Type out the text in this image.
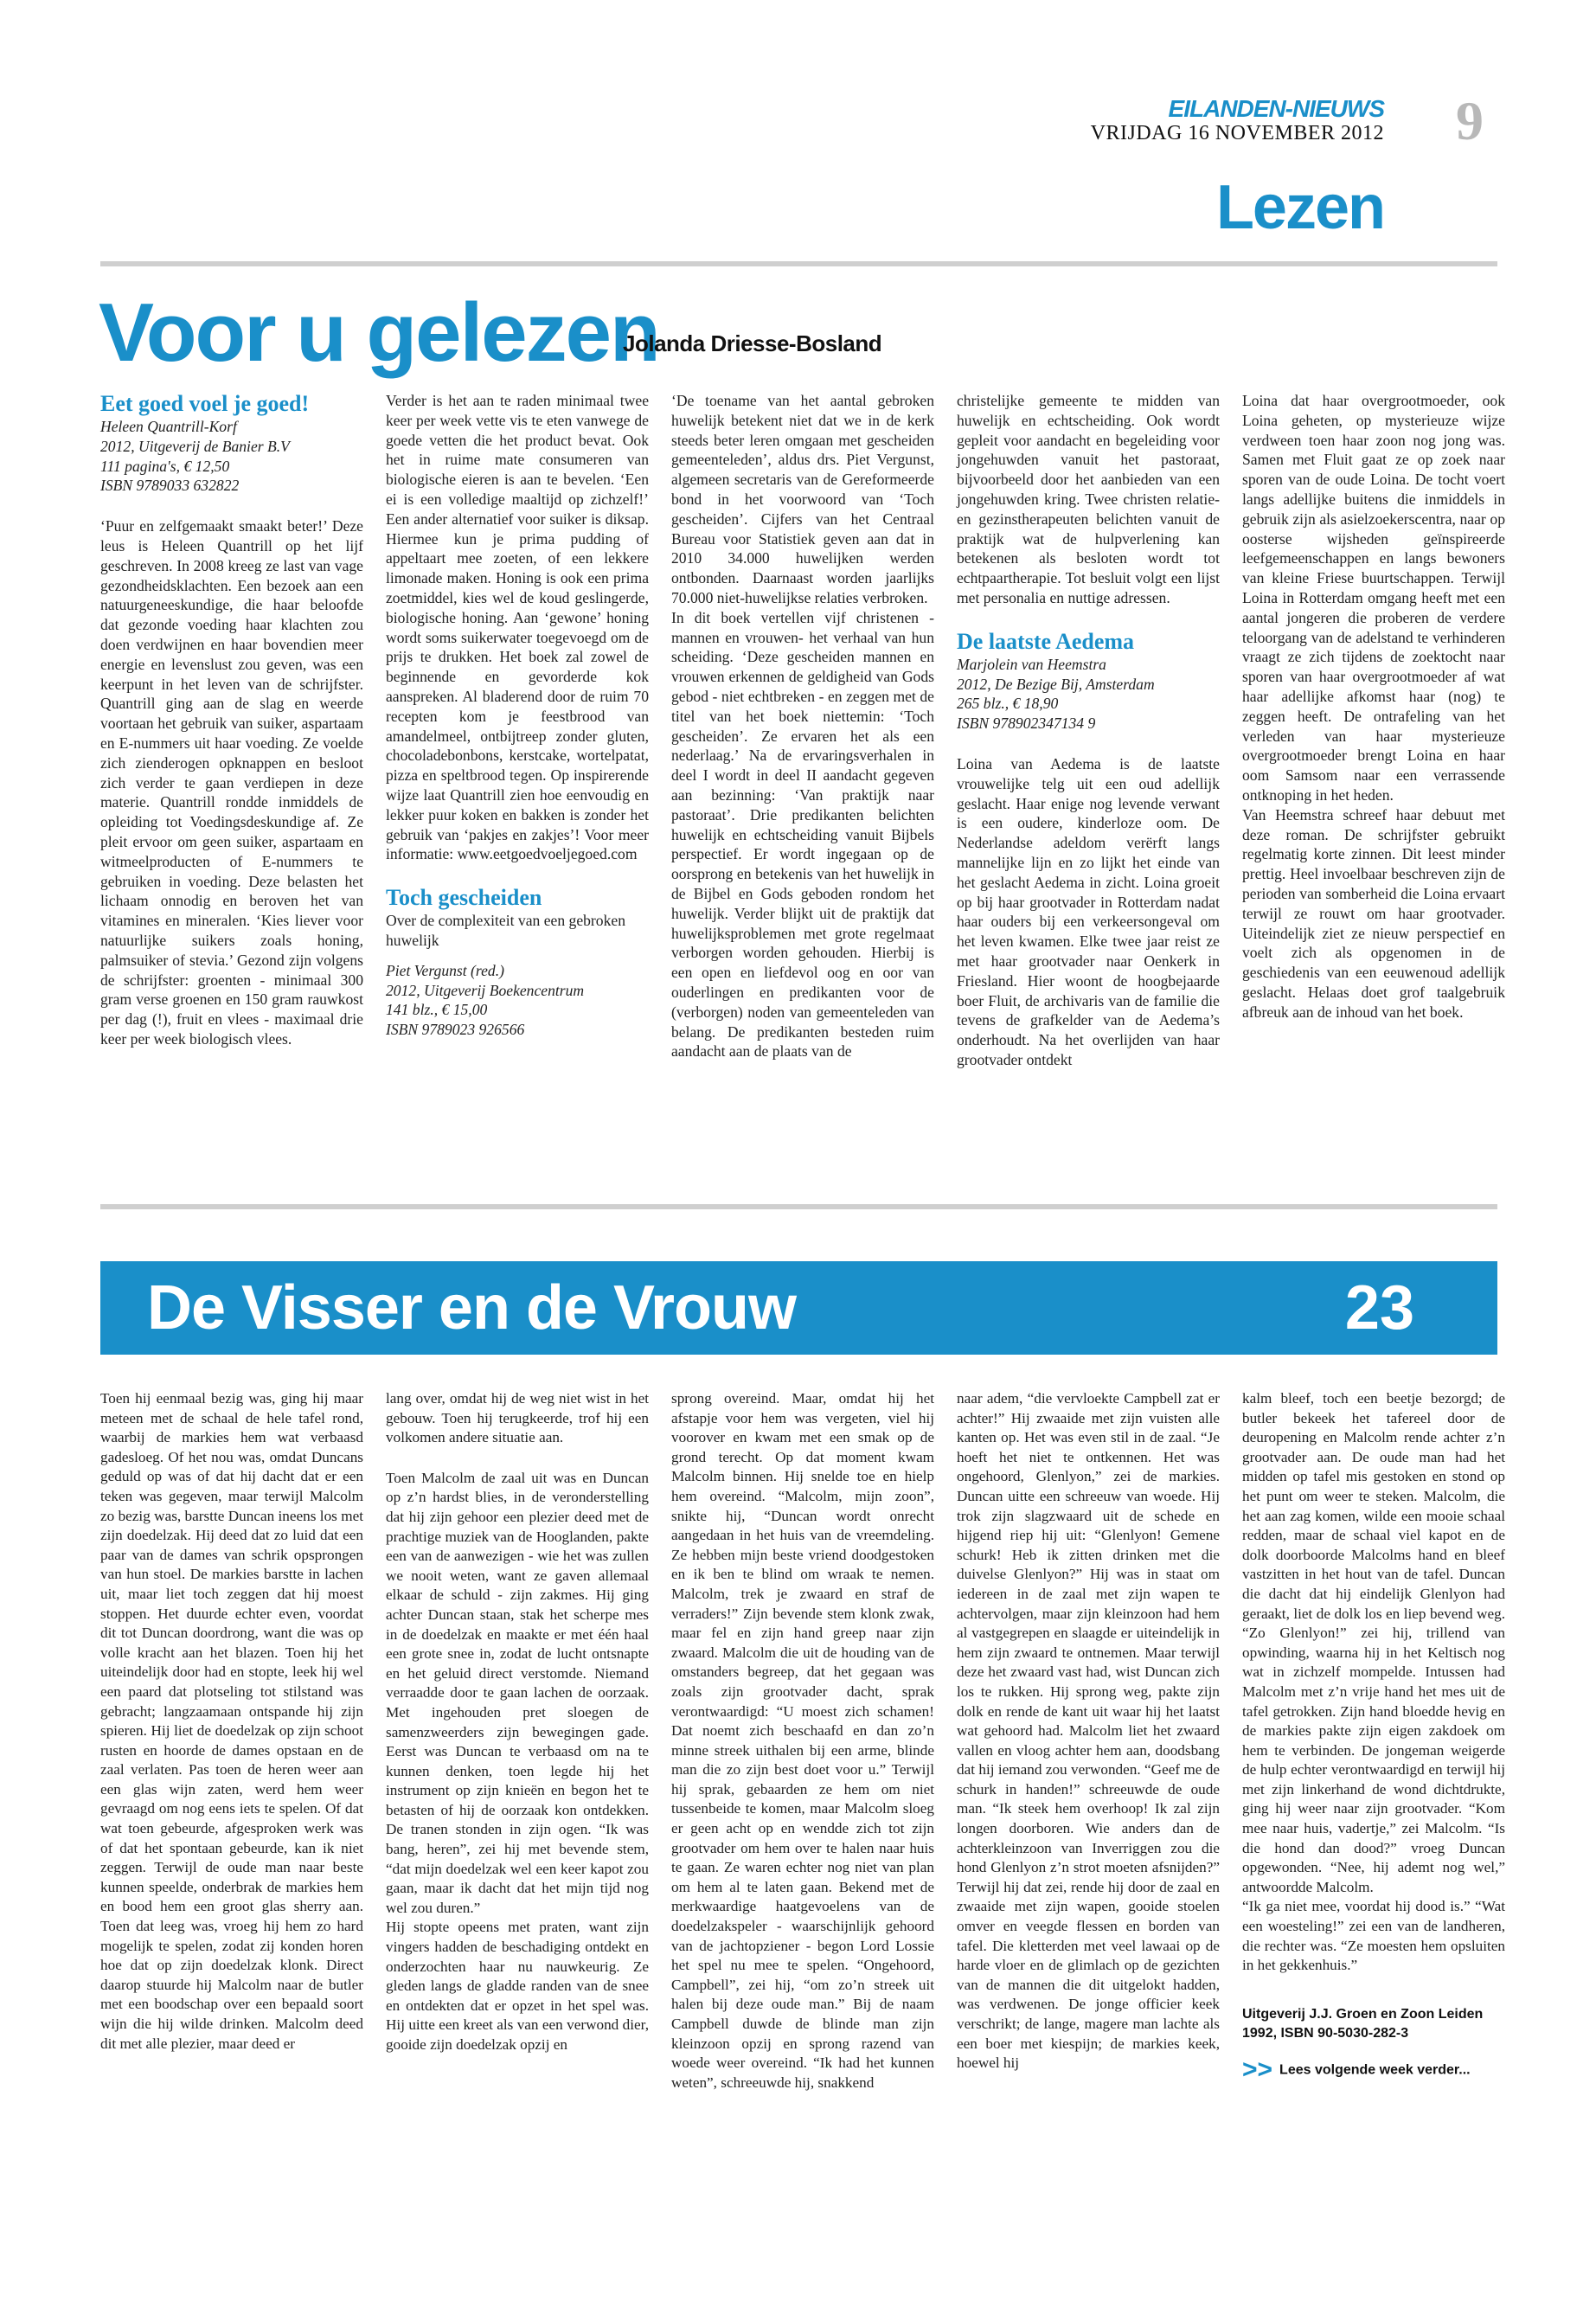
EILANDEN-NIEUWS
VRIJDAG 16 NOVEMBER 2012 9
Lezen
Voor u gelezen
Jolanda Driesse-Bosland

Eet goed voel je goed!

Heleen Quantrill-Korf

2012, Uitgeverij de Banier B.V

111 pagina's, € 12,50

ISBN 9789033 632822

‘Puur en zelfgemaakt smaakt beter!’ Deze leus is Heleen Quantrill op het lijf geschreven. In 2008 kreeg ze last van vage gezondheidsklachten. Een bezoek aan een natuurgeneeskundige, die haar beloofde dat gezonde voeding haar klachten zou doen verdwijnen en haar bovendien meer energie en levenslust zou geven, was een keerpunt in het leven van de schrijfster. Quantrill ging aan de slag en weerde voortaan het gebruik van suiker, aspartaam en E-nummers uit haar voeding. Ze voelde zich zienderogen opknappen en besloot zich verder te gaan verdiepen in deze materie. Quantrill rondde inmiddels de opleiding tot Voedingsdeskundige af. Ze pleit ervoor om geen suiker, aspartaam en witmeelproducten of E-nummers te gebruiken in voeding. Deze belasten het lichaam onnodig en beroven het van vitamines en mineralen. ‘Kies liever voor natuurlijke suikers zoals honing, palmsuiker of stevia.’ Gezond zijn volgens de schrijfster: groenten - minimaal 300 gram verse groenen en 150 gram rauwkost per dag (!), fruit en vlees - maximaal drie keer per week biologisch vlees.

Verder is het aan te raden minimaal twee keer per week vette vis te eten vanwege de goede vetten die het product bevat. Ook het in ruime mate consumeren van biologische eieren is aan te bevelen. ‘Een ei is een volledige maaltijd op zichzelf!’ Een ander alternatief voor suiker is diksap. Hiermee kun je prima pudding of appeltaart mee zoeten, of een lekkere limonade maken. Honing is ook een prima zoetmiddel, kies wel de koud geslingerde, biologische honing. Aan ‘gewone’ honing wordt soms suikerwater toegevoegd om de prijs te drukken. Het boek zal zowel de beginnende en gevorderde kok aanspreken. Al bladerend door de ruim 70 recepten kom je feestbrood van amandelmeel, ontbijtreep zonder gluten, chocoladebonbons, kerstcake, wortelpatat, pizza en speltbrood tegen. Op inspirerende wijze laat Quantrill zien hoe eenvoudig en lekker puur koken en bakken is zonder het gebruik van ‘pakjes en zakjes’! Voor meer informatie: www.eetgoedvoeljegoed.com

Toch gescheiden

Over de complexiteit van een gebroken huwelijk

Piet Vergunst (red.)

2012, Uitgeverij Boekencentrum

141 blz., € 15,00

ISBN 9789023 926566

‘De toename van het aantal gebroken huwelijk betekent niet dat we in de kerk steeds beter leren omgaan met gescheiden gemeenteleden’, aldus drs. Piet Vergunst, algemeen secretaris van de Gereformeerde bond in het voorwoord van ‘Toch gescheiden’. Cijfers van het Centraal Bureau voor Statistiek geven aan dat in 2010 34.000 huwelijken werden ontbonden. Daarnaast worden jaarlijks 70.000 niet-huwelijkse relaties verbroken.

In dit boek vertellen vijf christenen - mannen en vrouwen- het verhaal van hun scheiding. ‘Deze gescheiden mannen en vrouwen erkennen de geldigheid van Gods gebod - niet echtbreken - en zeggen met de titel van het boek niettemin: ‘Toch gescheiden’. Ze ervaren het als een nederlaag.’ Na de ervaringsverhalen in deel I wordt in deel II aandacht gegeven aan bezinning: ‘Van praktijk naar pastoraat’. Drie predikanten belichten huwelijk en echtscheiding vanuit Bijbels perspectief. Er wordt ingegaan op de oorsprong en betekenis van het huwelijk in de Bijbel en Gods geboden rondom het huwelijk. Verder blijkt uit de praktijk dat huwelijksproblemen met grote regelmaat verborgen worden gehouden. Hierbij is een open en liefdevol oog en oor van ouderlingen en predikanten voor de (verborgen) noden van gemeenteleden van belang. De predikanten besteden ruim aandacht aan de plaats van de

christelijke gemeente te midden van huwelijk en echtscheiding. Ook wordt gepleit voor aandacht en begeleiding voor jongehuwden vanuit het pastoraat, bijvoorbeeld door het aanbieden van een jongehuwden kring. Twee christen relatie- en gezinstherapeuten belichten vanuit de praktijk wat de hulpverlening kan betekenen als besloten wordt tot echtpaartherapie. Tot besluit volgt een lijst met personalia en nuttige adressen.

De laatste Aedema

Marjolein van Heemstra

2012, De Bezige Bij, Amsterdam

265 blz., € 18,90

ISBN 978902347134 9

Loina van Aedema is de laatste vrouwelijke telg uit een oud adellijk geslacht. Haar enige nog levende verwant is een oudere, kinderloze oom. De Nederlandse adeldom verërft langs mannelijke lijn en zo lijkt het einde van het geslacht Aedema in zicht. Loina groeit op bij haar grootvader in Rotterdam nadat haar ouders bij een verkeersongeval om het leven kwamen. Elke twee jaar reist ze met haar grootvader naar Oenkerk in Friesland. Hier woont de hoogbejaarde boer Fluit, de archivaris van de familie die tevens de grafkelder van de Aedema’s onderhoudt. Na het overlijden van haar grootvader ontdekt

Loina dat haar overgrootmoeder, ook Loina geheten, op mysterieuze wijze verdween toen haar zoon nog jong was. Samen met Fluit gaat ze op zoek naar sporen van de oude Loina. De tocht voert langs adellijke buitens die inmiddels in gebruik zijn als asielzoekerscentra, naar op oosterse wijsheden geïnspireerde leefgemeenschappen en langs bewoners van kleine Friese buurtschappen. Terwijl Loina in Rotterdam omgang heeft met een aantal jongeren die proberen de verdere teloorgang van de adelstand te verhinderen vraagt ze zich tijdens de zoektocht naar sporen van haar overgrootmoeder af wat haar adellijke afkomst haar (nog) te zeggen heeft. De ontrafeling van het verleden van haar mysterieuze overgrootmoeder brengt Loina en haar oom Samsom naar een verrassende ontknoping in het heden.

Van Heemstra schreef haar debuut met deze roman. De schrijfster gebruikt regelmatig korte zinnen. Dit leest minder prettig. Heel invoelbaar beschreven zijn de perioden van somberheid die Loina ervaart terwijl ze rouwt om haar grootvader. Uiteindelijk ziet ze nieuw perspectief en voelt zich als opgenomen in de geschiedenis van een eeuwenoud adellijk geslacht. Helaas doet grof taalgebruik afbreuk aan de inhoud van het boek.

De Visser en de Vrouw	23

Toen hij eenmaal bezig was, ging hij maar meteen met de schaal de hele tafel rond, waarbij de markies hem wat verbaasd gadesloeg. Of het nou was, omdat Duncans geduld op was of dat hij dacht dat er een teken was gegeven, maar terwijl Malcolm zo bezig was, barstte Duncan ineens los met zijn doedelzak. Hij deed dat zo luid dat een paar van de dames van schrik opsprongen van hun stoel. De markies barstte in lachen uit, maar liet toch zeggen dat hij moest stoppen. Het duurde echter even, voordat dit tot Duncan doordrong, want die was op volle kracht aan het blazen. Toen hij het uiteindelijk door had en stopte, leek hij wel een paard dat plotseling tot stilstand was gebracht; langzaamaan ontspande hij zijn spieren. Hij liet de doedelzak op zijn schoot rusten en hoorde de dames opstaan en de zaal verlaten. Pas toen de heren weer aan een glas wijn zaten, werd hem weer gevraagd om nog eens iets te spelen. Of dat wat toen gebeurde, afgesproken werk was of dat het spontaan gebeurde, kan ik niet zeggen. Terwijl de oude man naar beste kunnen speelde, onderbrak de markies hem en bood hem een groot glas sherry aan. Toen dat leeg was, vroeg hij hem zo hard mogelijk te spelen, zodat zij konden horen hoe dat op zijn doedelzak klonk. Direct daarop stuurde hij Malcolm naar de butler met een boodschap over een bepaald soort wijn die hij wilde drinken. Malcolm deed dit met alle plezier, maar deed er

lang over, omdat hij de weg niet wist in het gebouw. Toen hij terugkeerde, trof hij een volkomen andere situatie aan.

Toen Malcolm de zaal uit was en Duncan op z’n hardst blies, in de veronderstelling dat hij zijn gehoor een plezier deed met de prachtige muziek van de Hooglanden, pakte een van de aanwezigen - wie het was zullen we nooit weten, want ze gaven allemaal elkaar de schuld - zijn zakmes. Hij ging achter Duncan staan, stak het scherpe mes in de doedelzak en maakte er met één haal een grote snee in, zodat de lucht ontsnapte en het geluid direct verstomde. Niemand verraadde door te gaan lachen de oorzaak. Met ingehouden pret sloegen de samenzweerders zijn bewegingen gade. Eerst was Duncan te verbaasd om na te kunnen denken, toen legde hij het instrument op zijn knieën en begon het te betasten of hij de oorzaak kon ontdekken. De tranen stonden in zijn ogen. “Ik was bang, heren”, zei hij met bevende stem, “dat mijn doedelzak wel een keer kapot zou gaan, maar ik dacht dat het mijn tijd nog wel zou duren.”

Hij stopte opeens met praten, want zijn vingers hadden de beschadiging ontdekt en onderzochten haar nu nauwkeurig. Ze gleden langs de gladde randen van de snee en ontdekten dat er opzet in het spel was. Hij uitte een kreet als van een verwond dier, gooide zijn doedelzak opzij en

sprong overeind. Maar, omdat hij het afstapje voor hem was vergeten, viel hij voorover en kwam met een smak op de grond terecht. Op dat moment kwam Malcolm binnen. Hij snelde toe en hielp hem overeind. “Malcolm, mijn zoon”, snikte hij, “Duncan wordt onrecht aangedaan in het huis van de vreemdeling. Ze hebben mijn beste vriend doodgestoken en ik ben te blind om wraak te nemen. Malcolm, trek je zwaard en straf de verraders!” Zijn bevende stem klonk zwak, maar fel en zijn hand greep naar zijn zwaard. Malcolm die uit de houding van de omstanders begreep, dat het gegaan was zoals zijn grootvader dacht, sprak verontwaardigd: “U moest zich schamen! Dat noemt zich beschaafd en dan zo’n minne streek uithalen bij een arme, blinde man die zo zijn best doet voor u.” Terwijl hij sprak, gebaarden ze hem om niet tussenbeide te komen, maar Malcolm sloeg er geen acht op en wendde zich tot zijn grootvader om hem over te halen naar huis te gaan. Ze waren echter nog niet van plan om hem al te laten gaan. Bekend met de merkwaardige haatgevoelens van de doedelzakspeler - waarschijnlijk gehoord van de jachtopziener - begon Lord Lossie het spel nu mee te spelen. “Ongehoord, Campbell”, zei hij, “om zo’n streek uit halen bij deze oude man.” Bij de naam Campbell duwde de blinde man zijn kleinzoon opzij en sprong razend van woede weer overeind. “Ik had het kunnen weten”, schreeuwde hij, snakkend

naar adem, “die vervloekte Campbell zat er achter!” Hij zwaaide met zijn vuisten alle kanten op. Het was even stil in de zaal. “Je hoeft het niet te ontkennen. Het was ongehoord, Glenlyon,” zei de markies. Duncan uitte een schreeuw van woede. Hij trok zijn slagzwaard uit de schede en hijgend riep hij uit: “Glenlyon! Gemene schurk! Heb ik zitten drinken met die duivelse Glenlyon?” Hij was in staat om iedereen in de zaal met zijn wapen te achtervolgen, maar zijn kleinzoon had hem al vastgegrepen en slaagde er uiteindelijk in hem zijn zwaard te ontnemen. Maar terwijl deze het zwaard vast had, wist Duncan zich los te rukken. Hij sprong weg, pakte zijn dolk en rende de kant uit waar hij het laatst wat gehoord had. Malcolm liet het zwaard vallen en vloog achter hem aan, doodsbang dat hij iemand zou verwonden. “Geef me de schurk in handen!” schreeuwde de oude man. “Ik steek hem overhoop! Ik zal zijn longen doorboren. Wie anders dan de achterkleinzoon van Inverriggen zou die hond Glenlyon z’n strot moeten afsnijden?” Terwijl hij dat zei, rende hij door de zaal en zwaaide met zijn wapen, gooide stoelen omver en veegde flessen en borden van tafel. Die kletterden met veel lawaai op de harde vloer en de glimlach op de gezichten van de mannen die dit uitgelokt hadden, was verdwenen. De jonge officier keek verschrikt; de lange, magere man lachte als een boer met kiespijn; de markies keek, hoewel hij

kalm bleef, toch een beetje bezorgd; de butler bekeek het tafereel door de deuropening en Malcolm rende achter z’n grootvader aan. De oude man had het midden op tafel mis gestoken en stond op het punt om weer te steken. Malcolm, die het aan zag komen, wilde een mooie schaal redden, maar de schaal viel kapot en de dolk doorboorde Malcolms hand en bleef vastzitten in het hout van de tafel. Duncan die dacht dat hij eindelijk Glenlyon had geraakt, liet de dolk los en liep bevend weg. “Zo Glenlyon!” zei hij, trillend van opwinding, waarna hij in het Keltisch nog wat in zichzelf mompelde. Intussen had Malcolm met z’n vrije hand het mes uit de tafel getrokken. Zijn hand bloedde hevig en de markies pakte zijn eigen zakdoek om hem te verbinden. De jongeman weigerde de hulp echter verontwaardigd en terwijl hij met zijn linkerhand de wond dichtdrukte, ging hij weer naar zijn grootvader. “Kom mee naar huis, vadertje,” zei Malcolm. “Is die hond dan dood?” vroeg Duncan opgewonden. “Nee, hij ademt nog wel,” antwoordde Malcolm.

“Ik ga niet mee, voordat hij dood is.” “Wat een woesteling!” zei een van de landheren, die rechter was. “Ze moesten hem opsluiten in het gekkenhuis.”

Uitgeverij J.J. Groen en Zoon Leiden
1992, ISBN 90-5030-282-3
>> Lees volgende week verder...
